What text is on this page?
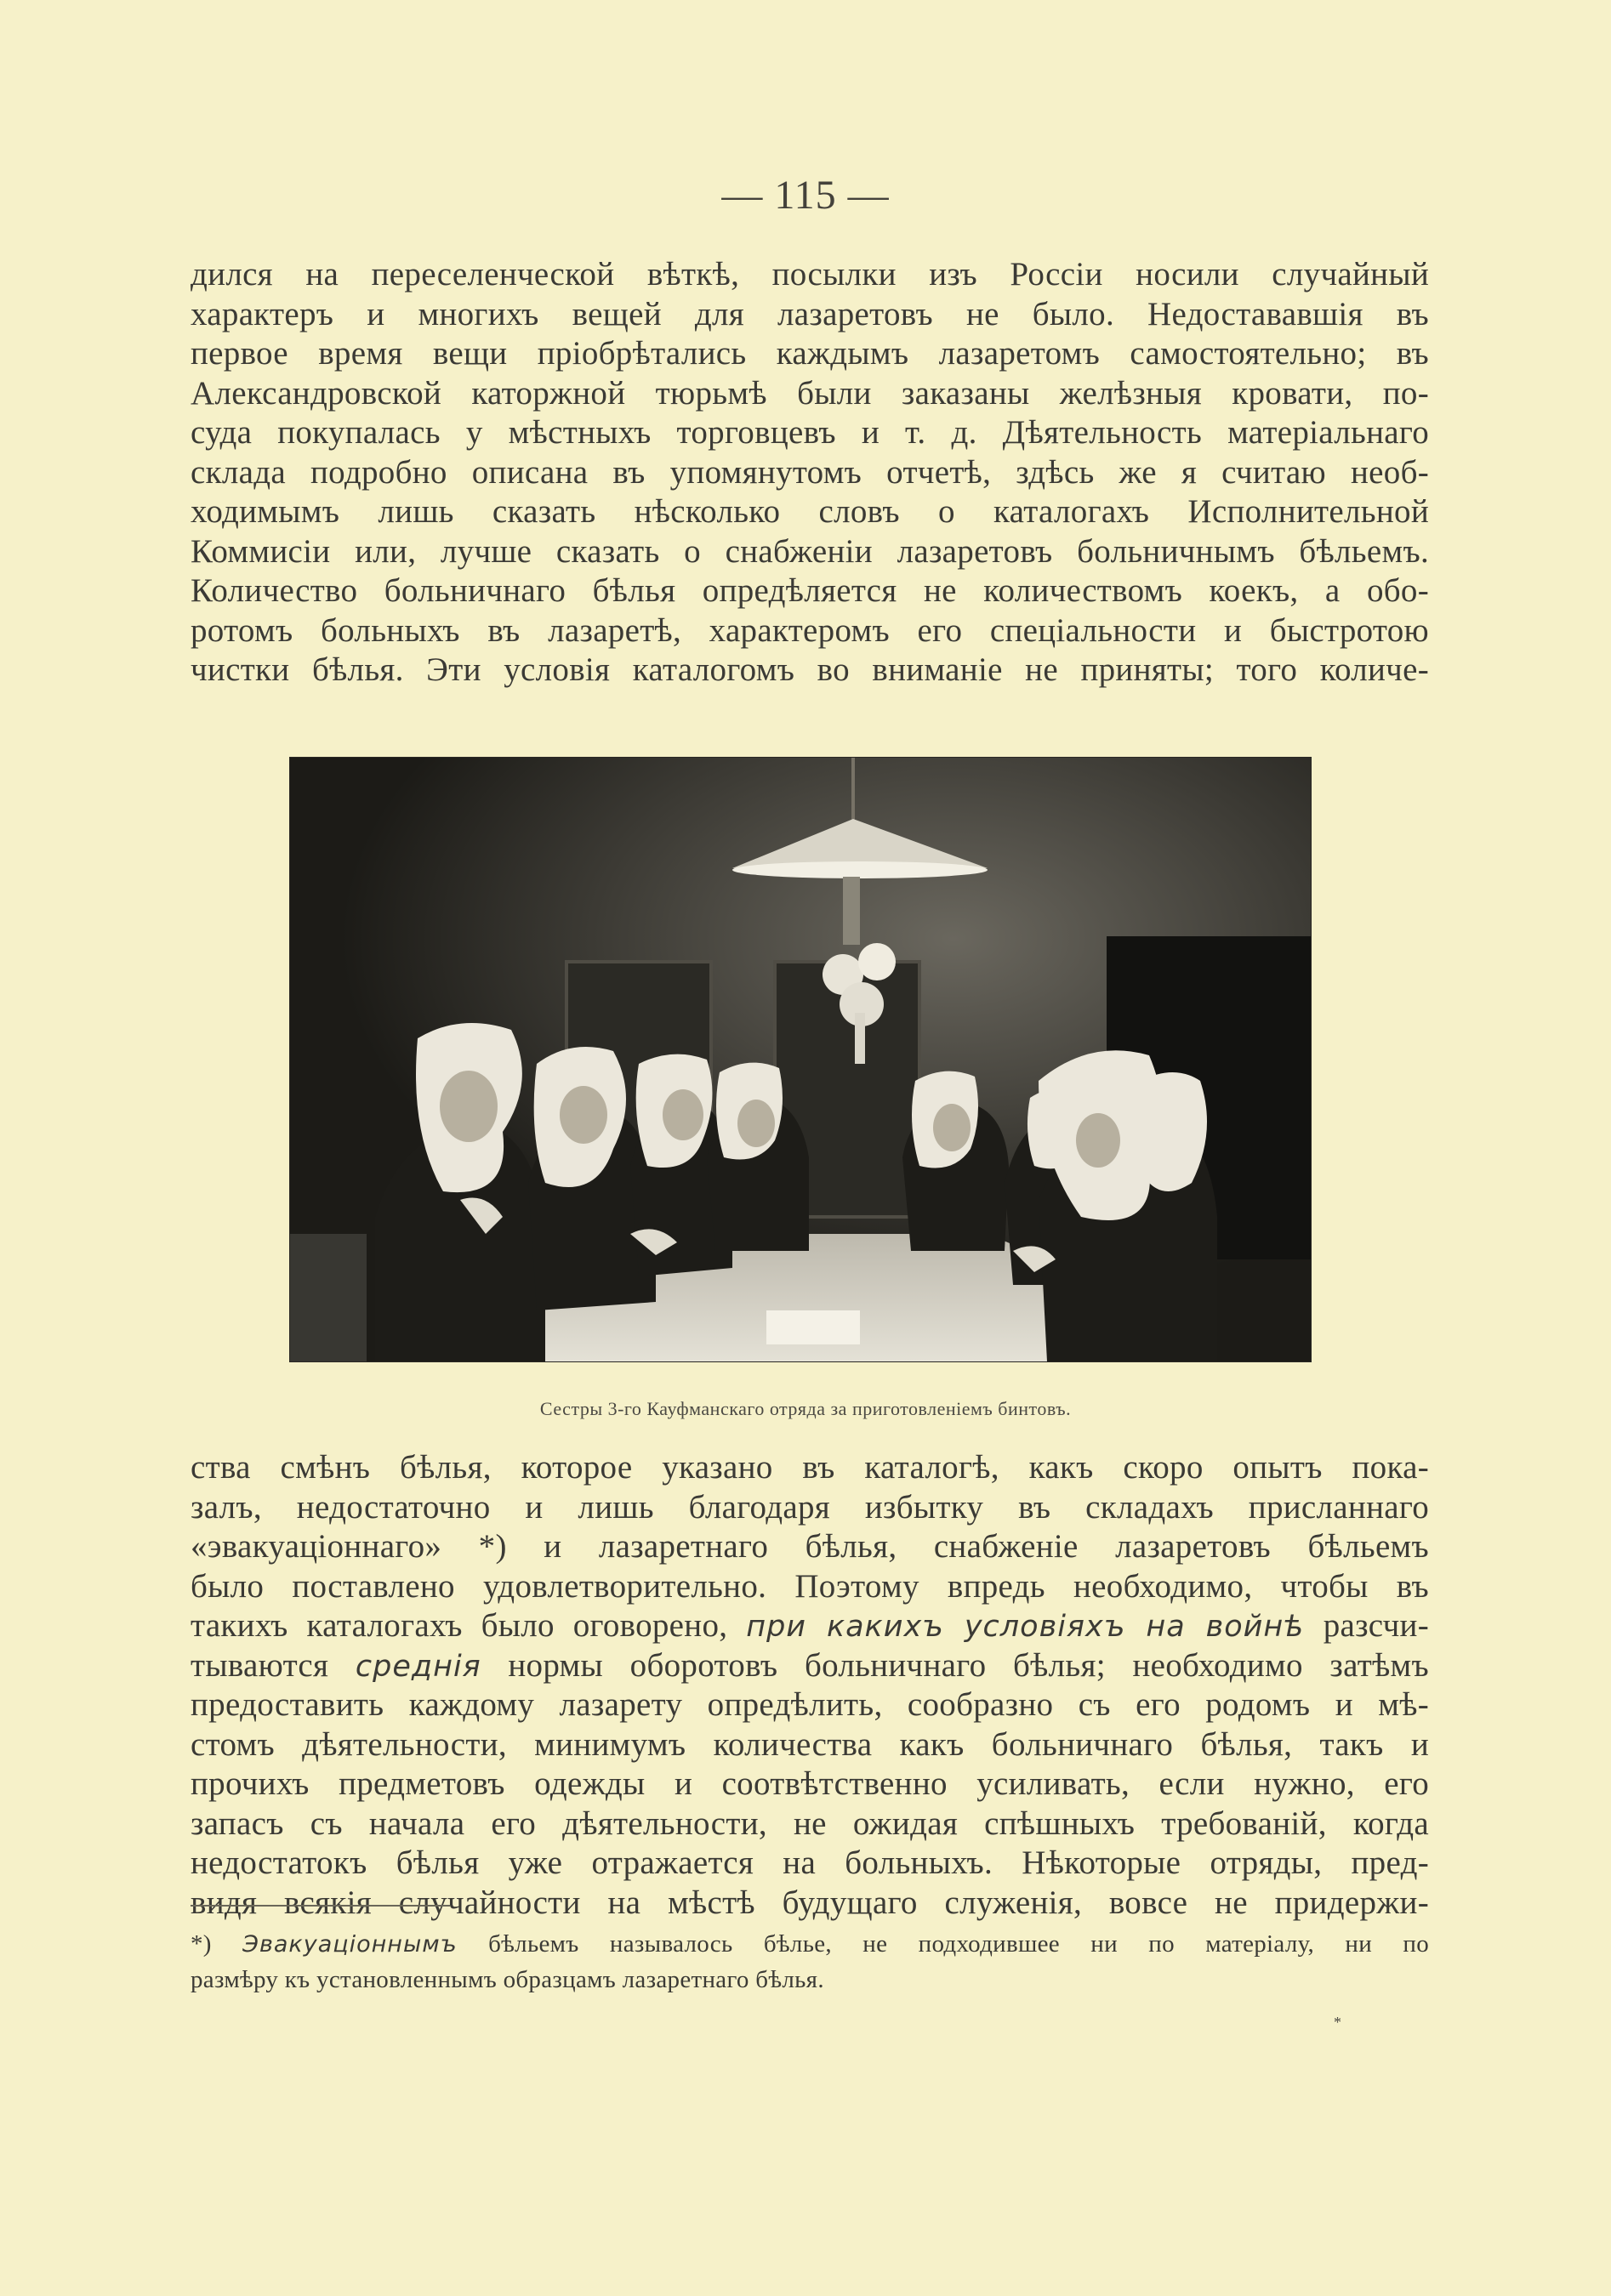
— 115 —
дился на переселенческой вѣткѣ, посылки изъ Россіи носили случайный
характеръ и многихъ вещей для лазаретовъ не было. Недостававшія въ
первое время вещи пріобрѣтались каждымъ лазаретомъ самостоятельно; въ
Александровской каторжной тюрьмѣ были заказаны желѣзныя кровати, по-
суда покупалась у мѣстныхъ торговцевъ и т. д. Дѣятельность матеріальнаго
склада подробно описана въ упомянутомъ отчетѣ, здѣсь же я считаю необ-
ходимымъ лишь сказать нѣсколько словъ о каталогахъ Исполнительной
Коммисіи или, лучше сказать о снабженіи лазаретовъ больничнымъ бѣльемъ.
Количество больничнаго бѣлья опредѣляется не количествомъ коекъ, а обо-
ротомъ больныхъ въ лазаретѣ, характеромъ его спеціальности и быстротою
чистки бѣлья. Эти условія каталогомъ во вниманіе не приняты; того количе-
Сестры 3-го Кауфманскаго отряда за приготовленіемъ бинтовъ.
ства смѣнъ бѣлья, которое указано въ каталогѣ, какъ скоро опытъ пока-
залъ, недостаточно и лишь благодаря избытку въ складахъ присланнаго
«эвакуаціоннаго» *) и лазаретнаго бѣлья, снабженіе лазаретовъ бѣльемъ
было поставлено удовлетворительно. Поэтому впредь необходимо, чтобы въ
такихъ каталогахъ было оговорено, при какихъ условіяхъ на войнѣ разсчи-
тываются среднія нормы оборотовъ больничнаго бѣлья; необходимо затѣмъ
предоставить каждому лазарету опредѣлить, сообразно съ его родомъ и мѣ-
стомъ дѣятельности, минимумъ количества какъ больничнаго бѣлья, такъ и
прочихъ предметовъ одежды и соотвѣтственно усиливать, если нужно, его
запасъ съ начала его дѣятельности, не ожидая спѣшныхъ требованій, когда
недостатокъ бѣлья уже отражается на больныхъ. Нѣкоторые отряды, пред-
видя всякія случайности на мѣстѣ будущаго служенія, вовсе не придержи-
*) Эвакуаціоннымъ бѣльемъ называлось бѣлье, не подходившее ни по матеріалу, ни по
размѣру къ установленнымъ образцамъ лазаретнаго бѣлья.
*
